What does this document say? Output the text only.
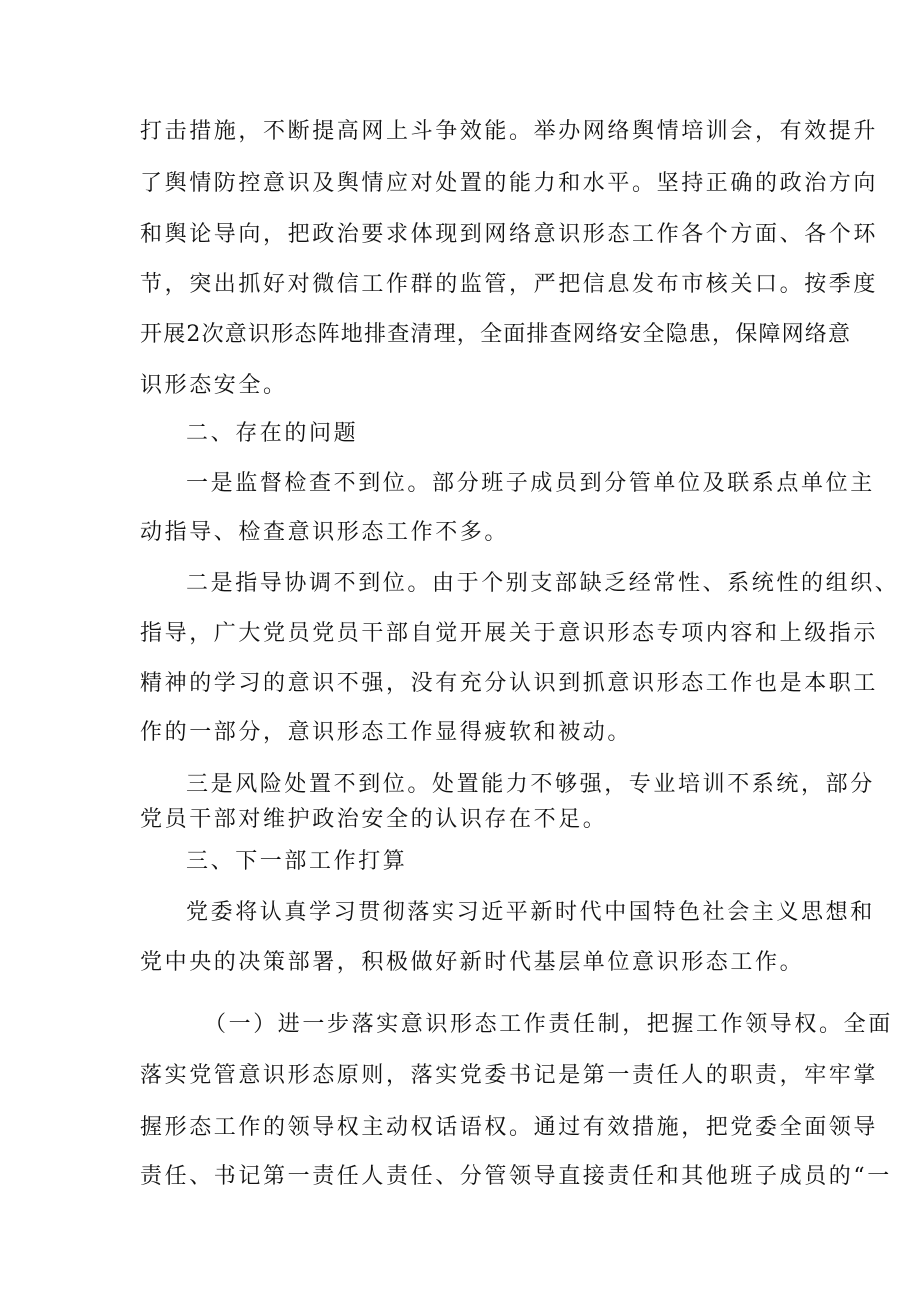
打击措施，不断提高网上斗争效能。举办网络舆情培训会，有效提升
了舆情防控意识及舆情应对处置的能力和水平。坚持正确的政治方向
和舆论导向，把政治要求体现到网络意识形态工作各个方面、各个环
节，突出抓好对微信工作群的监管，严把信息发布市核关口。按季度
开展2次意识形态阵地排查清理，全面排查网络安全隐患，保障网络意
识形态安全。
二、存在的问题
一是监督检查不到位。部分班子成员到分管单位及联系点单位主
动指导、检查意识形态工作不多。
二是指导协调不到位。由于个别支部缺乏经常性、系统性的组织、
指导，广大党员党员干部自觉开展关于意识形态专项内容和上级指示
精神的学习的意识不强，没有充分认识到抓意识形态工作也是本职工
作的一部分，意识形态工作显得疲软和被动。
三是风险处置不到位。处置能力不够强，专业培训不系统，部分
党员干部对维护政治安全的认识存在不足。
三、下一部工作打算
党委将认真学习贯彻落实习近平新时代中国特色社会主义思想和
党中央的决策部署，积极做好新时代基层单位意识形态工作。
（一）进一步落实意识形态工作责任制，把握工作领导权。全面
落实党管意识形态原则，落实党委书记是第一责任人的职责，牢牢掌
握形态工作的领导权主动权话语权。通过有效措施，把党委全面领导
责任、书记第一责任人责任、分管领导直接责任和其他班子成员的“一
